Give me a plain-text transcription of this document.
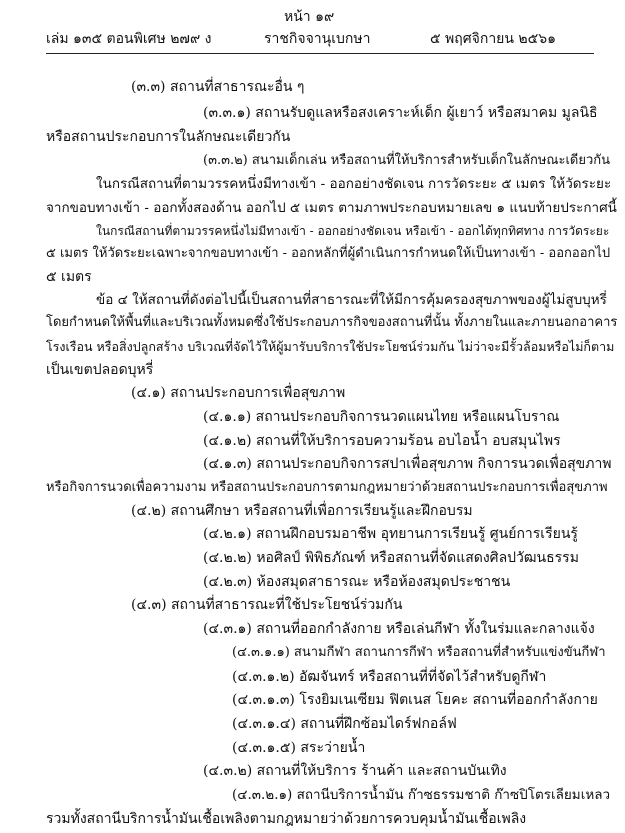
หน้า ๑๙
เล่ม ๑๓๕ ตอนพิเศษ ๒๗๙ ง	ราชกิจจานุเบกษา	๕ พฤศจิกายน ๒๕๖๑
(๓.๓) สถานที่สาธารณะอื่น ๆ
(๓.๓.๑) สถานรับดูแลหรือสงเคราะห์เด็ก ผู้เยาว์ หรือสมาคม มูลนิธิ
หรือสถานประกอบการในลักษณะเดียวกัน
(๓.๓.๒) สนามเด็กเล่น หรือสถานที่ให้บริการสำหรับเด็กในลักษณะเดียวกัน
ในกรณีสถานที่ตามวรรคหนึ่งมีทางเข้า - ออกอย่างชัดเจน การวัดระยะ ๕ เมตร ให้วัดระยะ
จากขอบทางเข้า - ออกทั้งสองด้าน ออกไป ๕ เมตร ตามภาพประกอบหมายเลข ๑ แนบท้ายประกาศนี้
ในกรณีสถานที่ตามวรรคหนึ่งไม่มีทางเข้า - ออกอย่างชัดเจน หรือเข้า - ออกได้ทุกทิศทาง การวัดระยะ
๕ เมตร ให้วัดระยะเฉพาะจากขอบทางเข้า - ออกหลักที่ผู้ดำเนินการกำหนดให้เป็นทางเข้า - ออกออกไป
๕ เมตร
ข้อ ๔ ให้สถานที่ดังต่อไปนี้เป็นสถานที่สาธารณะที่ให้มีการคุ้มครองสุขภาพของผู้ไม่สูบบุหรี่
โดยกำหนดให้พื้นที่และบริเวณทั้งหมดซึ่งใช้ประกอบภารกิจของสถานที่นั้น ทั้งภายในและภายนอกอาคาร
โรงเรือน หรือสิ่งปลูกสร้าง บริเวณที่จัดไว้ให้ผู้มารับบริการใช้ประโยชน์ร่วมกัน ไม่ว่าจะมีรั้วล้อมหรือไม่ก็ตาม
เป็นเขตปลอดบุหรี่
(๔.๑) สถานประกอบการเพื่อสุขภาพ
(๔.๑.๑) สถานประกอบกิจการนวดแผนไทย หรือแผนโบราณ
(๔.๑.๒) สถานที่ให้บริการอบความร้อน อบไอน้ำ อบสมุนไพร
(๔.๑.๓) สถานประกอบกิจการสปาเพื่อสุขภาพ กิจการนวดเพื่อสุขภาพ
หรือกิจการนวดเพื่อความงาม หรือสถานประกอบการตามกฎหมายว่าด้วยสถานประกอบการเพื่อสุขภาพ
(๔.๒) สถานศึกษา หรือสถานที่เพื่อการเรียนรู้และฝึกอบรม
(๔.๒.๑) สถานฝึกอบรมอาชีพ อุทยานการเรียนรู้ ศูนย์การเรียนรู้
(๔.๒.๒) หอศิลป์ พิพิธภัณฑ์ หรือสถานที่จัดแสดงศิลปวัฒนธรรม
(๔.๒.๓) ห้องสมุดสาธารณะ หรือห้องสมุดประชาชน
(๔.๓) สถานที่สาธารณะที่ใช้ประโยชน์ร่วมกัน
(๔.๓.๑) สถานที่ออกกำลังกาย หรือเล่นกีฬา ทั้งในร่มและกลางแจ้ง
(๔.๓.๑.๑) สนามกีฬา สถานการกีฬา หรือสถานที่สำหรับแข่งขันกีฬา
(๔.๓.๑.๒) อัฒจันทร์ หรือสถานที่ที่จัดไว้สำหรับดูกีฬา
(๔.๓.๑.๓) โรงยิมเนเซียม ฟิตเนส โยคะ สถานที่ออกกำลังกาย
(๔.๓.๑.๔) สถานที่ฝึกซ้อมไดร์ฟกอล์ฟ
(๔.๓.๑.๕) สระว่ายน้ำ
(๔.๓.๒) สถานที่ให้บริการ ร้านค้า และสถานบันเทิง
(๔.๓.๒.๑) สถานีบริการน้ำมัน ก๊าซธรรมชาติ ก๊าซปิโตรเลียมเหลว
รวมทั้งสถานีบริการน้ำมันเชื้อเพลิงตามกฎหมายว่าด้วยการควบคุมน้ำมันเชื้อเพลิง
